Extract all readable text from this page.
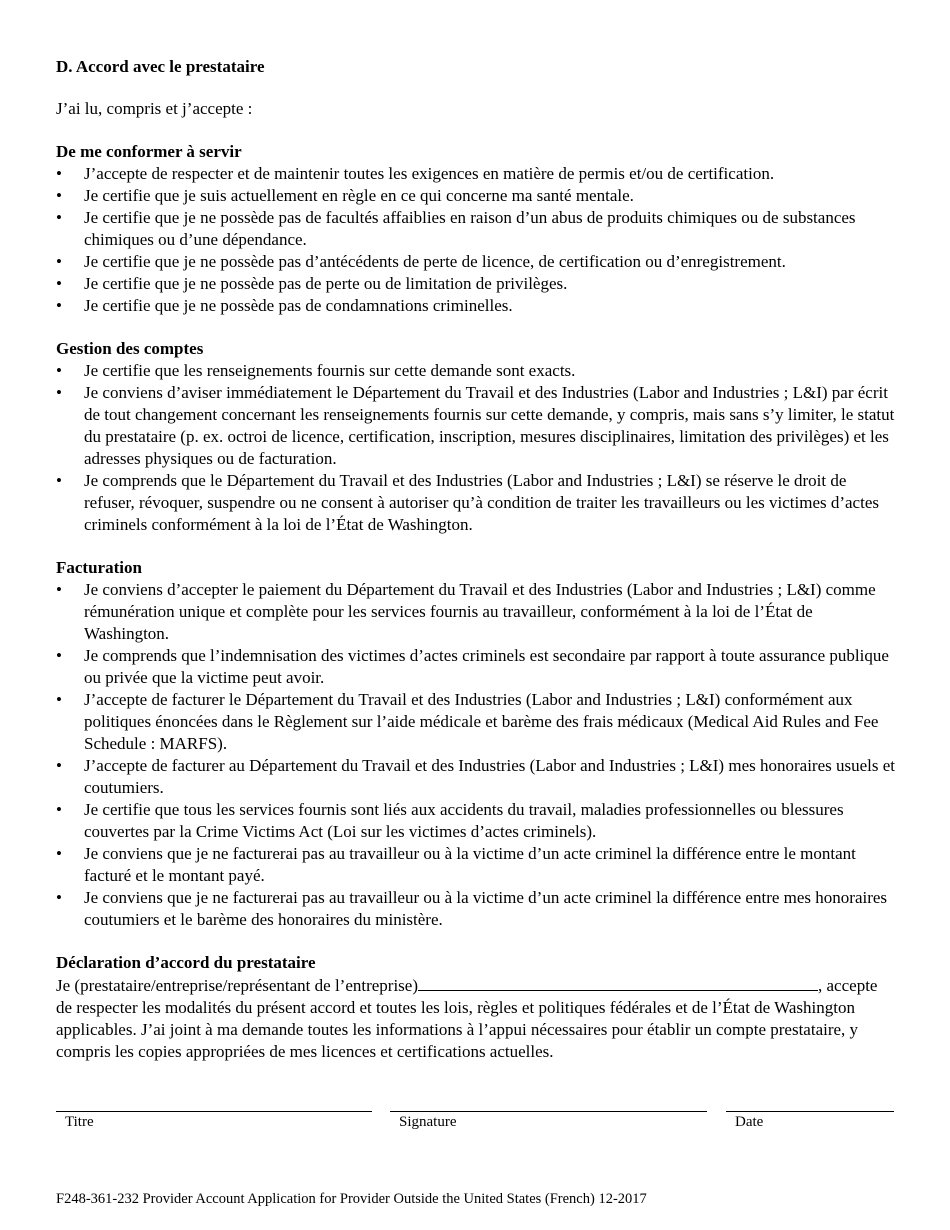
D. Accord avec le prestataire

J’ai lu, compris et j’accepte :

De me conformer à servir
• J’accepte de respecter et de maintenir toutes les exigences en matière de permis et/ou de certification.
• Je certifie que je suis actuellement en règle en ce qui concerne ma santé mentale.
• Je certifie que je ne possède pas de facultés affaiblies en raison d’un abus de produits chimiques ou de substances chimiques ou d’une dépendance.
• Je certifie que je ne possède pas d’antécédents de perte de licence, de certification ou d’enregistrement.
• Je certifie que je ne possède pas de perte ou de limitation de privilèges.
• Je certifie que je ne possède pas de condamnations criminelles.
Gestion des comptes
• Je certifie que les renseignements fournis sur cette demande sont exacts.
• Je conviens d’aviser immédiatement le Département du Travail et des Industries (Labor and Industries ; L&I) par écrit de tout changement concernant les renseignements fournis sur cette demande, y compris, mais sans s’y limiter, le statut du prestataire (p. ex. octroi de licence, certification, inscription, mesures disciplinaires, limitation des privilèges) et les adresses physiques ou de facturation.
• Je comprends que le Département du Travail et des Industries (Labor and Industries ; L&I) se réserve le droit de refuser, révoquer, suspendre ou ne consent à autoriser qu’à condition de traiter les travailleurs ou les victimes d’actes criminels conformément à la loi de l’État de Washington.
Facturation
• Je conviens d’accepter le paiement du Département du Travail et des Industries (Labor and Industries ; L&I) comme rémunération unique et complète pour les services fournis au travailleur, conformément à la loi de l’État de Washington.
• Je comprends que l’indemnisation des victimes d’actes criminels est secondaire par rapport à toute assurance publique ou privée que la victime peut avoir.
• J’accepte de facturer le Département du Travail et des Industries (Labor and Industries ; L&I) conformément aux politiques énoncées dans le Règlement sur l’aide médicale et barème des frais médicaux (Medical Aid Rules and Fee Schedule : MARFS).
• J’accepte de facturer au Département du Travail et des Industries (Labor and Industries ; L&I) mes honoraires usuels et coutumiers.
• Je certifie que tous les services fournis sont liés aux accidents du travail, maladies professionnelles ou blessures couvertes par la Crime Victims Act (Loi sur les victimes d’actes criminels).
• Je conviens que je ne facturerai pas au travailleur ou à la victime d’un acte criminel la différence entre le montant facturé et le montant payé.
• Je conviens que je ne facturerai pas au travailleur ou à la victime d’un acte criminel la différence entre mes honoraires coutumiers et le barème des honoraires du ministère.
Déclaration d’accord du prestataire

Je (prestataire/entreprise/représentant de l’entreprise)	, accepte de respecter les modalités du présent accord et toutes les lois, règles et politiques fédérales et de l’État de Washington applicables. J’ai joint à ma demande toutes les informations à l’appui nécessaires pour établir un compte prestataire, y compris les copies appropriées de mes licences et certifications actuelles.

Titre	Signature	Date
F248-361-232 Provider Account Application for Provider Outside the United States (French) 12-2017
